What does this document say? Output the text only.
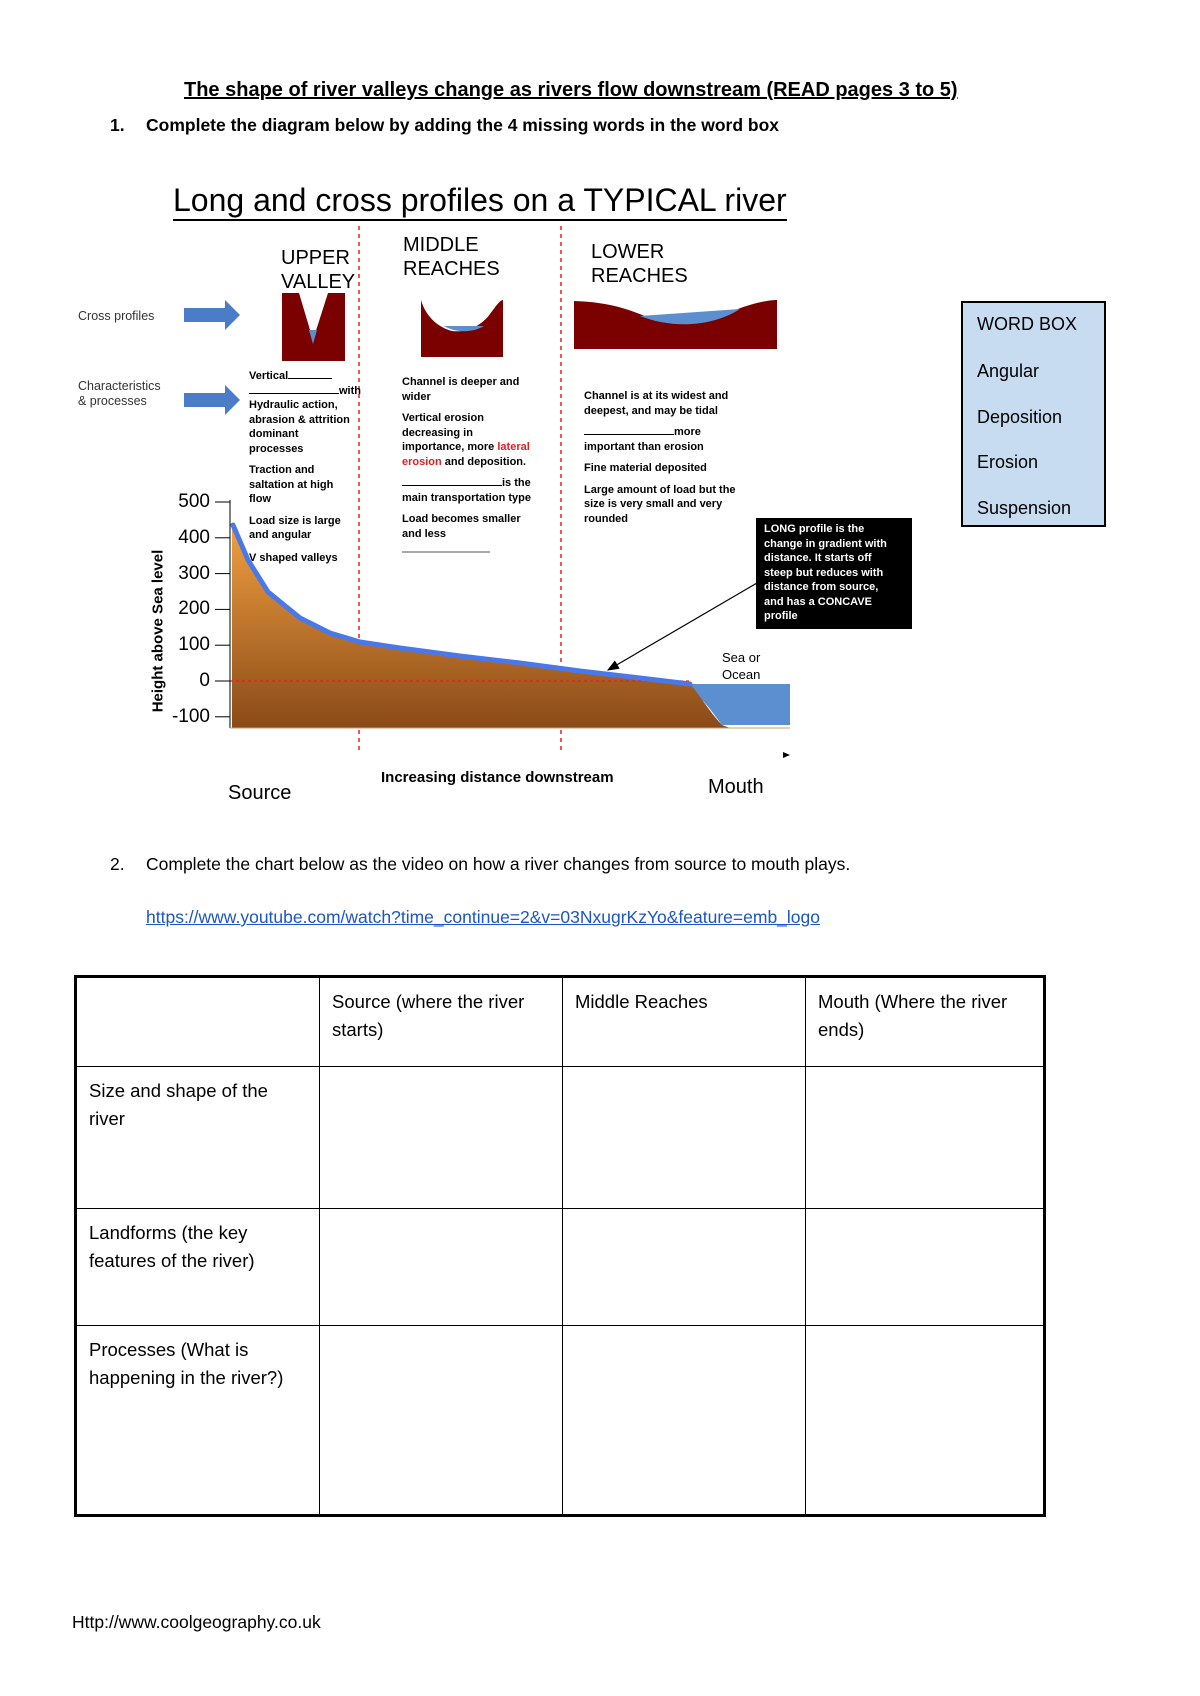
The shape of river valleys change as rivers flow downstream (READ pages 3 to 5)
1. Complete the diagram below by adding the 4 missing words in the word box
Long and cross profiles on a TYPICAL river
UPPER
VALLEY
MIDDLE
REACHES
LOWER
REACHES
Cross profiles
Characteristics
& processes
Vertical
with
Hydraulic action,
abrasion & attrition
dominant
processes
Traction and
saltation at high
flow
Load size is large
and angular
V shaped valleys
Channel is deeper and
wider
Vertical erosion
decreasing in
importance, more lateral
erosion and deposition.
is the
main transportation type
Load becomes smaller
and less
Channel is at its widest and
deepest, and may be tidal
more
important than erosion
Fine material deposited
Large amount of load but the
size is very small and very
rounded
LONG profile is the
change in gradient with
distance. It starts off
steep but reduces with
distance from source,
and has a CONCAVE
profile
Sea or
Ocean
Height above Sea level
500
400
300
200
100
0
-100
Increasing distance downstream
Source	Mouth
WORD BOX
Angular
Deposition
Erosion
Suspension
2. Complete the chart below as the video on how a river changes from source to mouth plays.
https://www.youtube.com/watch?time_continue=2&v=03NxugrKzYo&feature=emb_logo
	Source (where the river starts)	Middle Reaches	Mouth (Where the river ends)
Size and shape of the river			
Landforms (the key features of the river)			
Processes (What is happening in the river?)			
Http://www.coolgeography.co.uk
